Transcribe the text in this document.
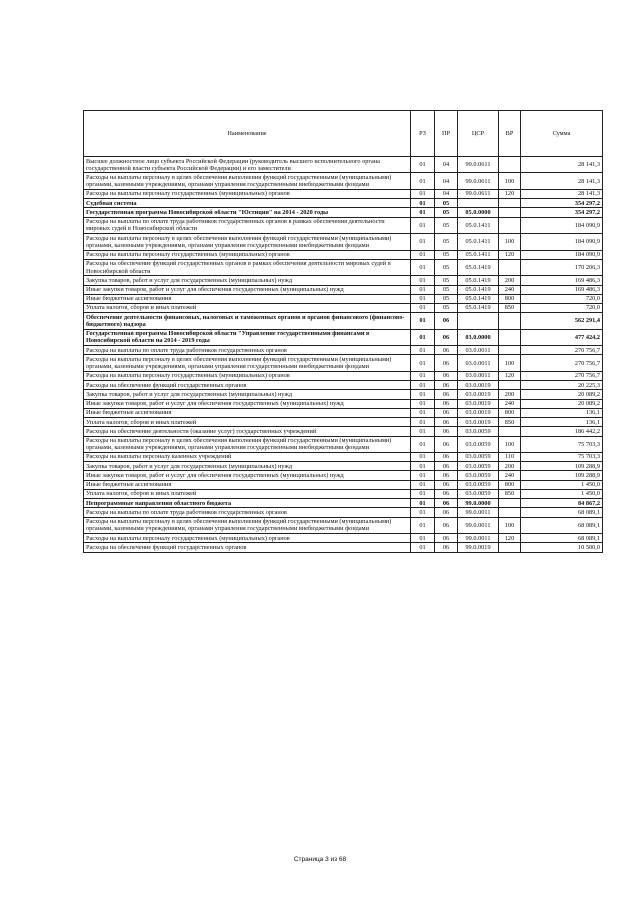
Наименование	РЗ	ПР	ЦСР	ВР	Сумма
Высшее должностное лицо субъекта Российской Федерации (руководитель высшего исполнительного органа государственной власти субъекта Российской Федерации) и его заместители	01	04	99.0.0611		28 141,3
Расходы на выплаты персоналу в целях обеспечения выполнения функций государственными (муниципальными) органами, казенными учреждениями, органами управления государственными внебюджетными фондами	01	04	99.0.0611	100	28 141,3
Расходы на выплаты персоналу государственных (муниципальных) органов	01	04	99.0.0611	120	28 141,3
Судебная система	01	05			354 297,2
Государственная программа Новосибирской области "Юстиция" на 2014 - 2020 годы	01	05	05.0.0000		354 297,2
Расходы на выплаты по оплате труда работников государственных органов в рамках обеспечения деятельности мировых судей в Новосибирской области	01	05	05.0.1411		184 090,9
Расходы на выплаты персоналу в целях обеспечения выполнения функций государственными (муниципальными) органами, казенными учреждениями, органами управления государственными внебюджетными фондами	01	05	05.0.1411	100	184 090,9
Расходы на выплаты персоналу государственных (муниципальных) органов	01	05	05.0.1411	120	184 090,9
Расходы на обеспечение функций государственных органов в рамках обеспечения деятельности мировых судей в Новосибирской области	01	05	05.0.1419		170 206,3
Закупка товаров, работ и услуг для государственных (муниципальных) нужд	01	05	05.0.1419	200	169 486,3
Иные закупки товаров, работ и услуг для обеспечения государственных (муниципальных) нужд	01	05	05.0.1419	240	169 486,3
Иные бюджетные ассигнования	01	05	05.0.1419	800	720,0
Уплата налогов, сборов и иных платежей	01	05	05.0.1419	850	720,0
Обеспечение деятельности финансовых, налоговых и таможенных органов и органов финансового (финансово-бюджетного) надзора	01	06			562 291,4
Государственная программа Новосибирской области "Управление государственными финансами в Новосибирской области на 2014 - 2019 годы	01	06	03.0.0000		477 424,2
Расходы на выплаты по оплате труда работников государственных органов	01	06	03.0.0011		270 756,7
Расходы на выплаты персоналу в целях обеспечения выполнения функций государственными (муниципальными) органами, казенными учреждениями, органами управления государственными внебюджетными фондами	01	06	03.0.0011	100	270 756,7
Расходы на выплаты персоналу государственных (муниципальных) органов	01	06	03.0.0011	120	270 756,7
Расходы на обеспечение функций государственных органов	01	06	03.0.0019		20 225,3
Закупка товаров, работ и услуг для государственных (муниципальных) нужд	01	06	03.0.0019	200	20 089,2
Иные закупки товаров, работ и услуг для обеспечения государственных (муниципальных) нужд	01	06	03.0.0019	240	20 089,2
Иные бюджетные ассигнования	01	06	03.0.0019	800	136,1
Уплата налогов, сборов и иных платежей	01	06	03.0.0019	850	136,1
Расходы на обеспечение деятельности (оказание услуг) государственных учреждений	01	06	03.0.0059		186 442,2
Расходы на выплаты персоналу в целях обеспечения выполнения функций государственными (муниципальными) органами, казенными учреждениями, органами управления государственными внебюджетными фондами	01	06	03.0.0059	100	75 703,3
Расходы на выплаты персоналу казенных учреждений	01	06	03.0.0059	110	75 703,3
Закупка товаров, работ и услуг для государственных (муниципальных) нужд	01	06	03.0.0059	200	109 288,9
Иные закупки товаров, работ и услуг для обеспечения государственных (муниципальных) нужд	01	06	03.0.0059	240	109 288,9
Иные бюджетные ассигнования	01	06	03.0.0059	800	1 450,0
Уплата налогов, сборов и иных платежей	01	06	03.0.0059	850	1 450,0
Непрограммные направления областного бюджета	01	06	99.0.0000		84 867,2
Расходы на выплаты по оплате труда работников государственных органов	01	06	99.0.0011		68 089,1
Расходы на выплаты персоналу в целях обеспечения выполнения функций государственными (муниципальными) органами, казенными учреждениями, органами управления государственными внебюджетными фондами	01	06	99.0.0011	100	68 089,1
Расходы на выплаты персоналу государственных (муниципальных) органов	01	06	99.0.0011	120	68 089,1
Расходы на обеспечение функций государственных органов	01	06	99.0.0019		10 500,0
Страница 3 из 68
